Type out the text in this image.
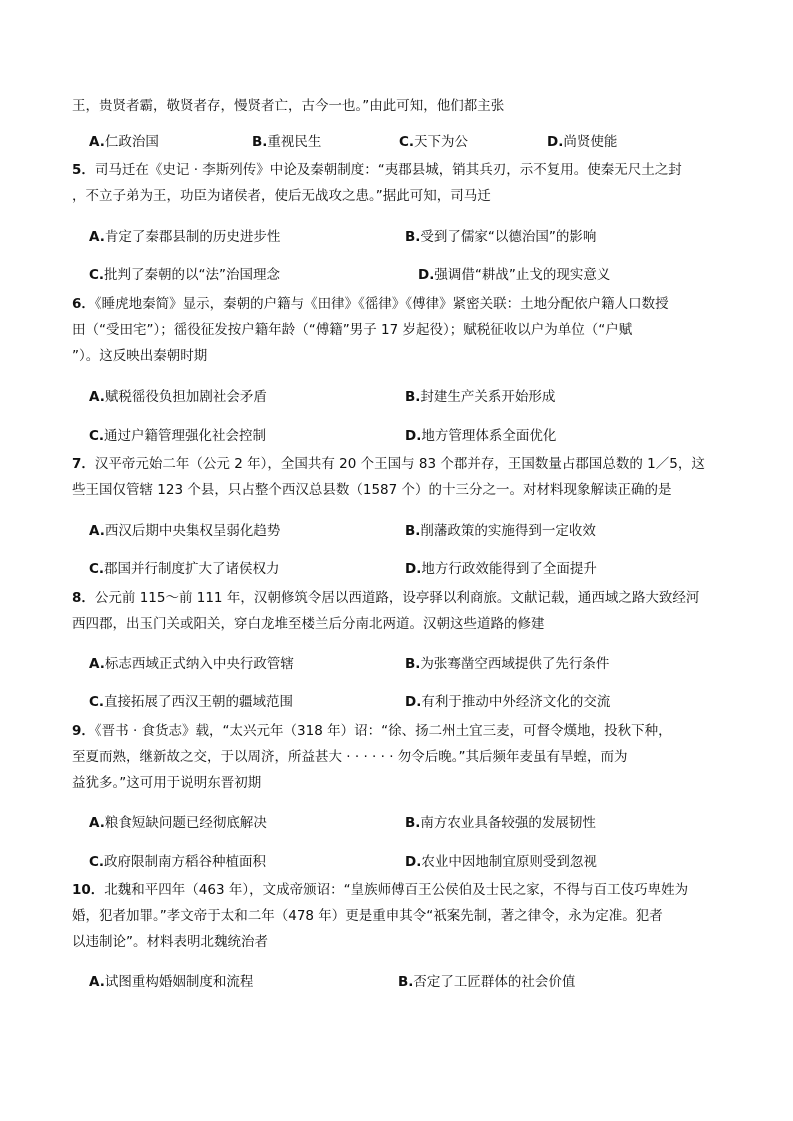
王，贵贤者霸，敬贤者存，慢贤者亡，古今一也。”由此可知，他们都主张

A.仁政治国	B.重视民生	C.天下为公	D.尚贤使能

5．司马迁在《史记 · 李斯列传》中论及秦朝制度：“夷郡县城，销其兵刃，示不复用。使秦无尺土之封
，不立子弟为王，功臣为诸侯者，使后无战攻之患。”据此可知，司马迁

A.肯定了秦郡县制的历史进步性	B.受到了儒家“以德治国”的影响
C.批判了秦朝的以“法”治国理念	D.强调借“耕战”止戈的现实意义

6．《睡虎地秦简》显示，秦朝的户籍与《田律》《徭律》《傅律》紧密关联：土地分配依户籍人口数授
田（“受田宅”）；徭役征发按户籍年龄（“傅籍”男子 17 岁起役）；赋税征收以户为单位（“户赋
”）。这反映出秦朝时期

A.赋税徭役负担加剧社会矛盾	B.封建生产关系开始形成
C.通过户籍管理强化社会控制	D.地方管理体系全面优化

7．汉平帝元始二年（公元 2 年），全国共有 20 个王国与 83 个郡并存，王国数量占郡国总数的 1／5，这
些王国仅管辖 123 个县，只占整个西汉总县数（1587 个）的十三分之一。对材料现象解读正确的是

A.西汉后期中央集权呈弱化趋势	B.削藩政策的实施得到一定收效
C.郡国并行制度扩大了诸侯权力	D.地方行政效能得到了全面提升

8．公元前 115～前 111 年，汉朝修筑令居以西道路，设亭驿以利商旅。文献记载，通西域之路大致经河
西四郡，出玉门关或阳关，穿白龙堆至楼兰后分南北两道。汉朝这些道路的修建

A.标志西域正式纳入中央行政管辖	B.为张骞凿空西域提供了先行条件
C.直接拓展了西汉王朝的疆域范围	D.有利于推动中外经济文化的交流

9．《晋书 · 食货志》载，“太兴元年（318 年）诏：“徐、扬二州土宜三麦，可督令熯地，投秋下种，
至夏而熟，继新故之交，于以周济，所益甚大 · · · · · · 勿令后晚。”其后频年麦虽有旱蝗，而为
益犹多。”这可用于说明东晋初期

A.粮食短缺问题已经彻底解决	B.南方农业具备较强的发展韧性
C.政府限制南方稻谷种植面积	D.农业中因地制宜原则受到忽视

10．北魏和平四年（463 年），文成帝颁诏：“皇族师傅百王公侯伯及士民之家，不得与百工伎巧卑姓为
婚，犯者加罪。”孝文帝于太和二年（478 年）更是重申其令“祇案先制，著之律令，永为定准。犯者
以违制论”。材料表明北魏统治者

A.试图重构婚姻制度和流程	B.否定了工匠群体的社会价值
